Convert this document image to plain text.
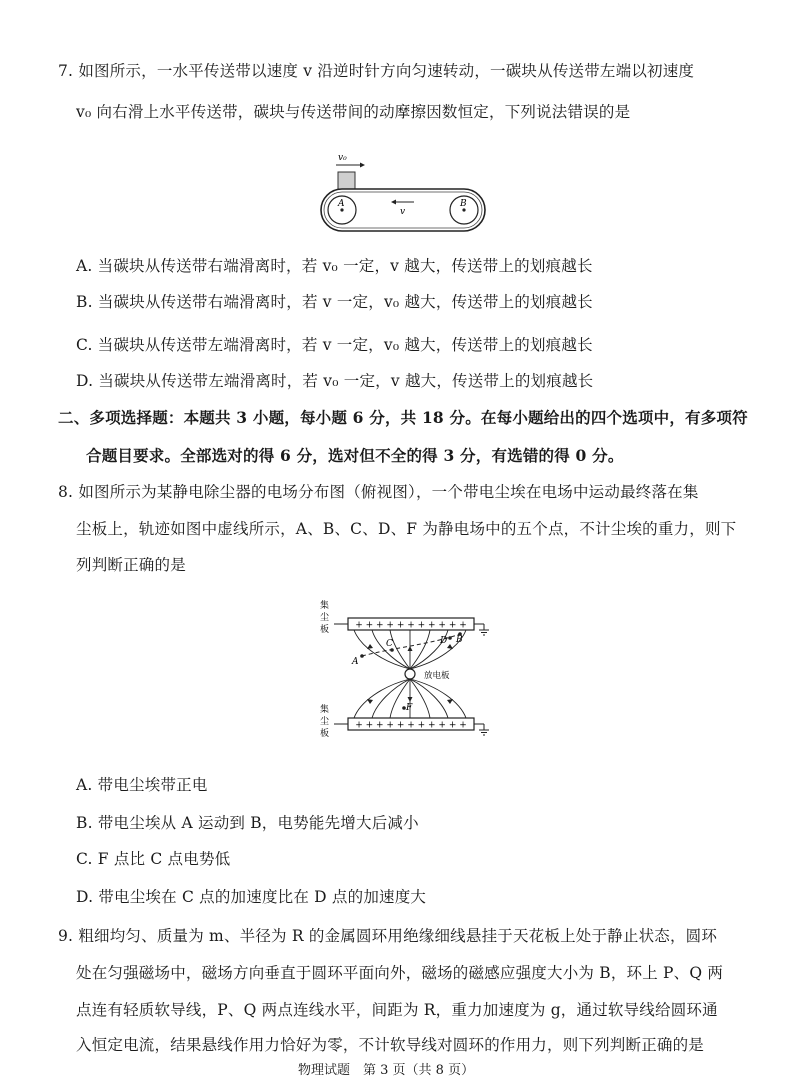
7. 如图所示，一水平传送带以速度 v 沿逆时针方向匀速转动，一碳块从传送带左端以初速度
v₀ 向右滑上水平传送带，碳块与传送带间的动摩擦因数恒定，下列说法错误的是
v₀
A	B
v
A. 当碳块从传送带右端滑离时，若 v₀ 一定，v 越大，传送带上的划痕越长
B. 当碳块从传送带右端滑离时，若 v 一定，v₀ 越大，传送带上的划痕越长
C. 当碳块从传送带左端滑离时，若 v 一定，v₀ 越大，传送带上的划痕越长
D. 当碳块从传送带左端滑离时，若 v₀ 一定，v 越大，传送带上的划痕越长
二、多项选择题：本题共 3 小题，每小题 6 分，共 18 分。在每小题给出的四个选项中，有多项符
合题目要求。全部选对的得 6 分，选对但不全的得 3 分，有选错的得 0 分。
8. 如图所示为某静电除尘器的电场分布图（俯视图），一个带电尘埃在电场中运动最终落在集
尘板上，轨迹如图中虚线所示，A、B、C、D、F 为静电场中的五个点，不计尘埃的重力，则下
列判断正确的是
集
尘
板
集
尘
板
+ + + + + + + + + + +
+ + + + + + + + + + +
放电板
A
C	D B
F
A. 带电尘埃带正电
B. 带电尘埃从 A 运动到 B，电势能先增大后减小
C. F 点比 C 点电势低
D. 带电尘埃在 C 点的加速度比在 D 点的加速度大
9. 粗细均匀、质量为 m、半径为 R 的金属圆环用绝缘细线悬挂于天花板上处于静止状态，圆环
处在匀强磁场中，磁场方向垂直于圆环平面向外，磁场的磁感应强度大小为 B，环上 P、Q 两
点连有轻质软导线，P、Q 两点连线水平，间距为 R，重力加速度为 g，通过软导线给圆环通
入恒定电流，结果悬线作用力恰好为零，不计软导线对圆环的作用力，则下列判断正确的是
物理试题　第 3 页（共 8 页）
